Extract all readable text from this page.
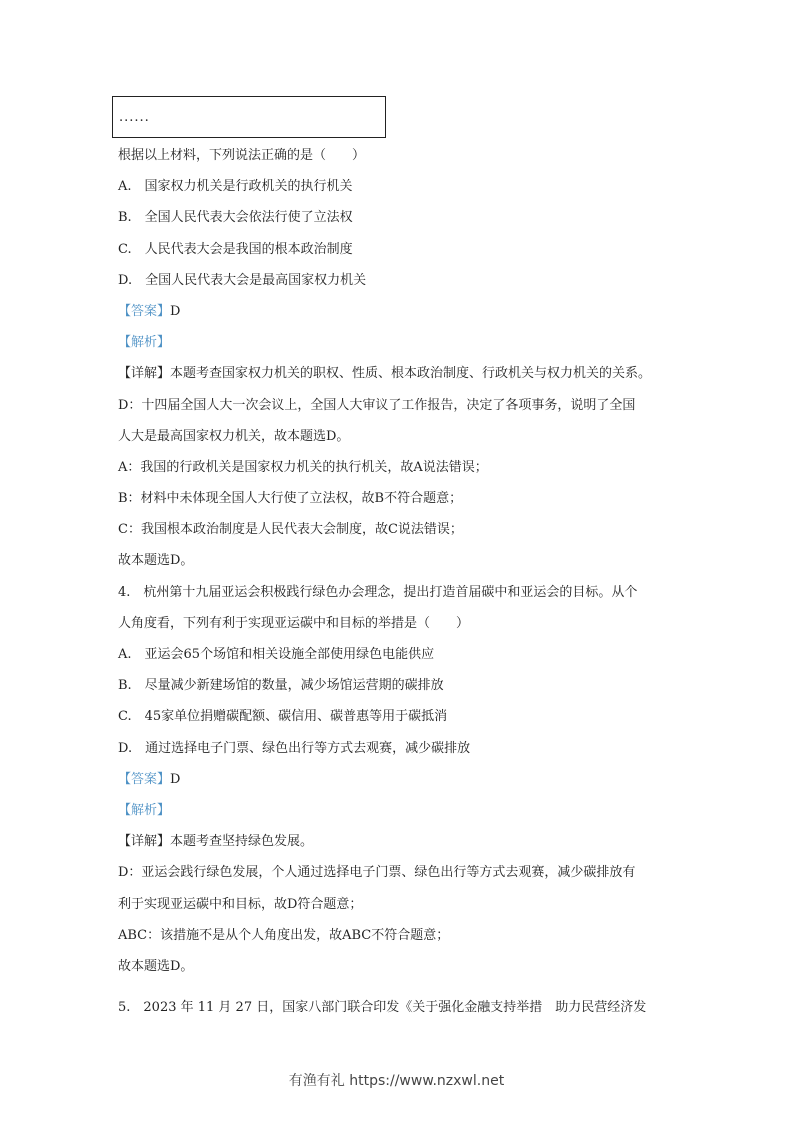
......
根据以上材料，下列说法正确的是（　　）
A.　国家权力机关是行政机关的执行机关
B.　全国人民代表大会依法行使了立法权
C.　人民代表大会是我国的根本政治制度
D.　全国人民代表大会是最高国家权力机关
【答案】D
【解析】
【详解】本题考查国家权力机关的职权、性质、根本政治制度、行政机关与权力机关的关系。
D：十四届全国人大一次会议上，全国人大审议了工作报告，决定了各项事务，说明了全国
人大是最高国家权力机关，故本题选D。
A：我国的行政机关是国家权力机关的执行机关，故A说法错误；
B：材料中未体现全国人大行使了立法权，故B不符合题意；
C：我国根本政治制度是人民代表大会制度，故C说法错误；
故本题选D。
4.　杭州第十九届亚运会积极践行绿色办会理念，提出打造首届碳中和亚运会的目标。从个
人角度看，下列有利于实现亚运碳中和目标的举措是（　　）
A.　亚运会65个场馆和相关设施全部使用绿色电能供应
B.　尽量减少新建场馆的数量，减少场馆运营期的碳排放
C.　45家单位捐赠碳配额、碳信用、碳普惠等用于碳抵消
D.　通过选择电子门票、绿色出行等方式去观赛，减少碳排放
【答案】D
【解析】
【详解】本题考查坚持绿色发展。
D：亚运会践行绿色发展，个人通过选择电子门票、绿色出行等方式去观赛，减少碳排放有
利于实现亚运碳中和目标，故D符合题意；
ABC：该措施不是从个人角度出发，故ABC不符合题意；
故本题选D。
5.　2023 年 11 月 27 日，国家八部门联合印发《关于强化金融支持举措　助力民营经济发
有渔有礼 https://www.nzxwl.net
